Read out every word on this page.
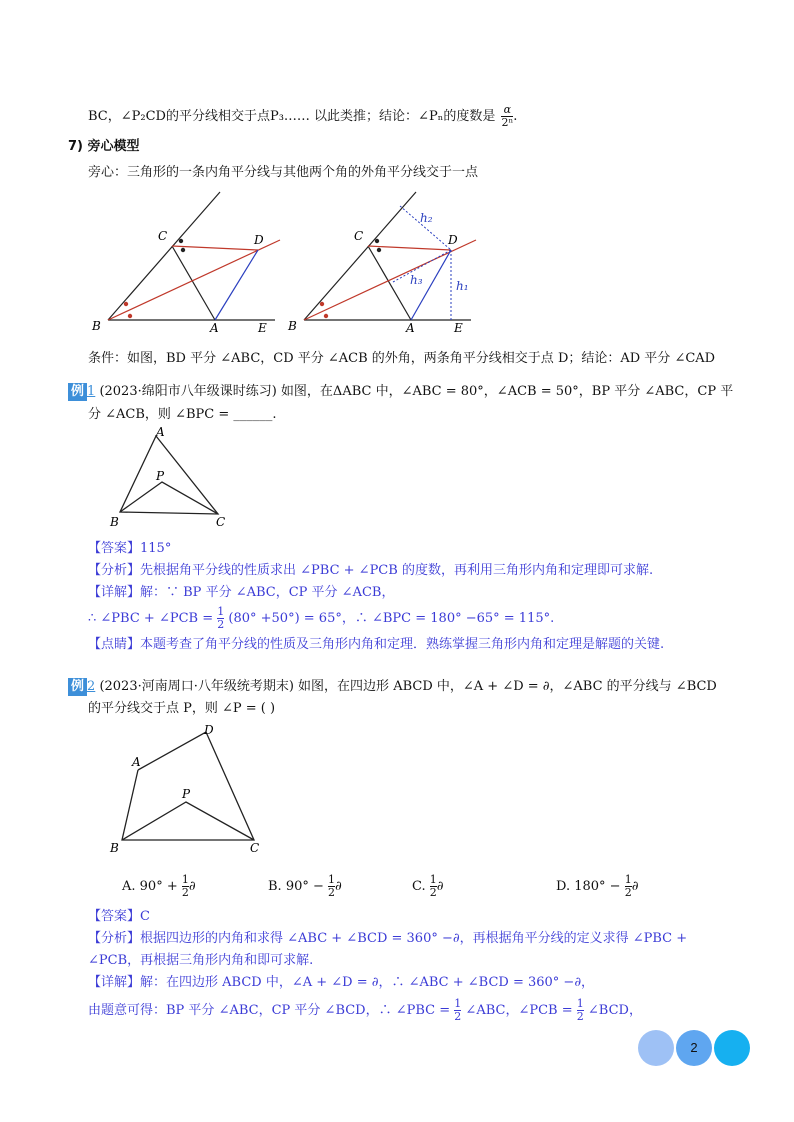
BC，∠P₂CD的平分线相交于点P₃…… 以此类推；结论：∠Pₙ的度数是 $\frac{\alpha}{\text{2ⁿ}}$ .
7) 旁心模型
旁心：三角形的一条内角平分线与其他两个角的外角平分线交于一点
C	D
B	A	E
C	D
B	A	E
h₁
h₂
h₃
条件：如图，BD 平分 ∠ABC，CD 平分 ∠ACB 的外角，两条角平分线相交于点 D；结论：AD 平分 ∠CAD
例 1 (2023·绵阳市八年级课时练习) 如图，在ΔABC 中，∠ABC = 80°，∠ACB = 50°，BP 平分 ∠ABC，CP 平
分 ∠ACB，则 ∠BPC = ______.
A
P
B	C
【答案】115°
【分析】先根据角平分线的性质求出 ∠PBC + ∠PCB 的度数，再利用三角形内角和定理即可求解.
【详解】解：∵ BP 平分 ∠ABC，CP 平分 ∠ACB，
∴ ∠PBC + ∠PCB = $\frac{1}{2} (80^\circ +50^\circ) = 65^\circ$，∴ ∠BPC = 180° −65° = 115°.
【点睛】本题考查了角平分线的性质及三角形内角和定理．熟练掌握三角形内角和定理是解题的关键.
例 2 (2023·河南周口·八年级统考期末) 如图，在四边形 ABCD 中，∠A + ∠D = ∂，∠ABC 的平分线与 ∠BCD
的平分线交于点 P，则 ∠P = ( )
A
D
P
B	C
A. $90^\circ + \frac{1}{2}$ ∂	B. $90^\circ - \frac{1}{2}$ ∂	C. $\frac{1}{2}$ ∂	D. $180^\circ - \frac{1}{2}$ ∂
【答案】C
【分析】根据四边形的内角和求得 ∠ABC + ∠BCD = 360° −∂，再根据角平分线的定义求得 ∠PBC +
∠PCB，再根据三角形内角和即可求解.
【详解】解：在四边形 ABCD 中，∠A + ∠D = ∂，∴ ∠ABC + ∠BCD = 360° −∂，
由题意可得：BP 平分 ∠ABC，CP 平分 ∠BCD，∴ ∠PBC = $\frac{1}{2}$ ∠ABC，∠PCB = $\frac{1}{2}$ ∠BCD，
2
